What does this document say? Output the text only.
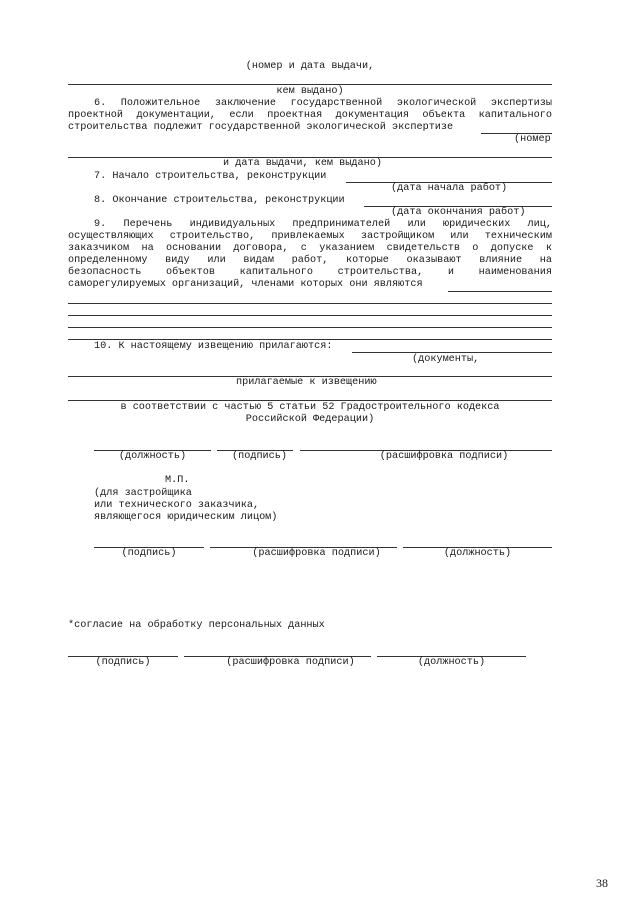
(номер и дата выдачи,
кем выдано)
6. Положительное заключение государственной экологической экспертизы
проектной документации, если проектная документация объекта капитального
строительства подлежит государственной экологической экспертизе
(номер
и дата выдачи, кем выдано)
7. Начало строительства, реконструкции
(дата начала работ)
8. Окончание строительства, реконструкции
(дата окончания работ)
9. Перечень индивидуальных предпринимателей или юридических лиц,
осуществляющих строительство, привлекаемых застройщиком или техническим
заказчиком на основании договора, с указанием свидетельств о допуске к
определенному виду или видам работ, которые оказывают влияние на
безопасность объектов капитального строительства, и наименования
саморегулируемых организаций, членами которых они являются
10. К настоящему извещению прилагаются:
(документы,
прилагаемые к извещению
в соответствии с частью 5 статьи 52 Градостроительного кодекса
Российской Федерации)
(должность)	(подпись)	(расшифровка подписи)
М.П.
(для застройщика
или технического заказчика,
являющегося юридическим лицом)
(подпись)	(расшифровка подписи)	(должность)
*согласие на обработку персональных данных
(подпись)	(расшифровка подписи)	(должность)
38
